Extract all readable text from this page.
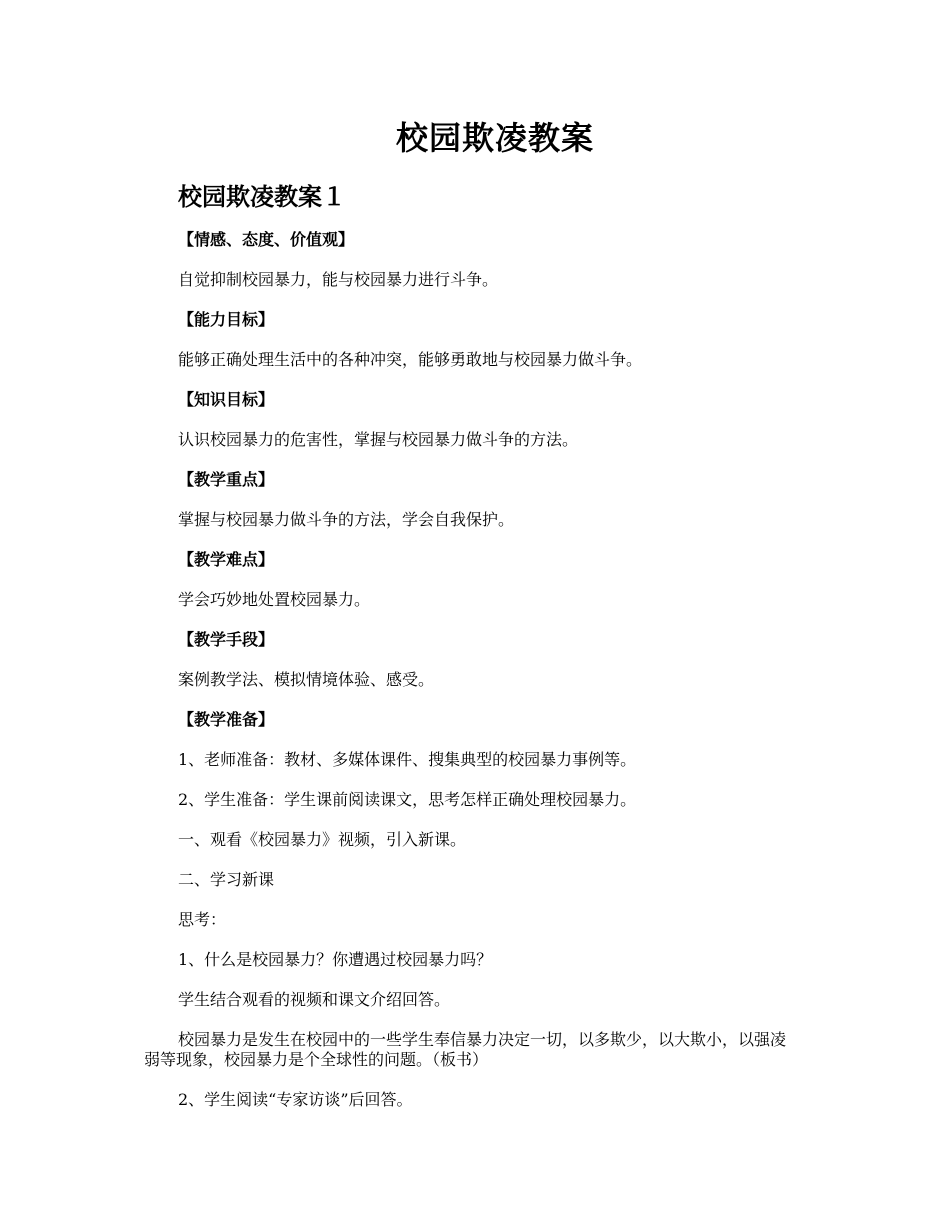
校园欺凌教案
校园欺凌教案１

【情感、态度、价值观】

自觉抑制校园暴力，能与校园暴力进行斗争。

【能力目标】

能够正确处理生活中的各种冲突，能够勇敢地与校园暴力做斗争。

【知识目标】

认识校园暴力的危害性，掌握与校园暴力做斗争的方法。

【教学重点】

掌握与校园暴力做斗争的方法，学会自我保护。

【教学难点】

学会巧妙地处置校园暴力。

【教学手段】

案例教学法、模拟情境体验、感受。

【教学准备】

1、老师准备：教材、多媒体课件、搜集典型的校园暴力事例等。

2、学生准备：学生课前阅读课文，思考怎样正确处理校园暴力。

一、观看《校园暴力》视频，引入新课。

二、学习新课

思考：

1、什么是校园暴力？你遭遇过校园暴力吗？

学生结合观看的视频和课文介绍回答。

校园暴力是发生在校园中的一些学生奉信暴力决定一切，以多欺少，以大欺小，以强凌弱等现象，校园暴力是个全球性的问题。（板书）

2、学生阅读“专家访谈”后回答。
